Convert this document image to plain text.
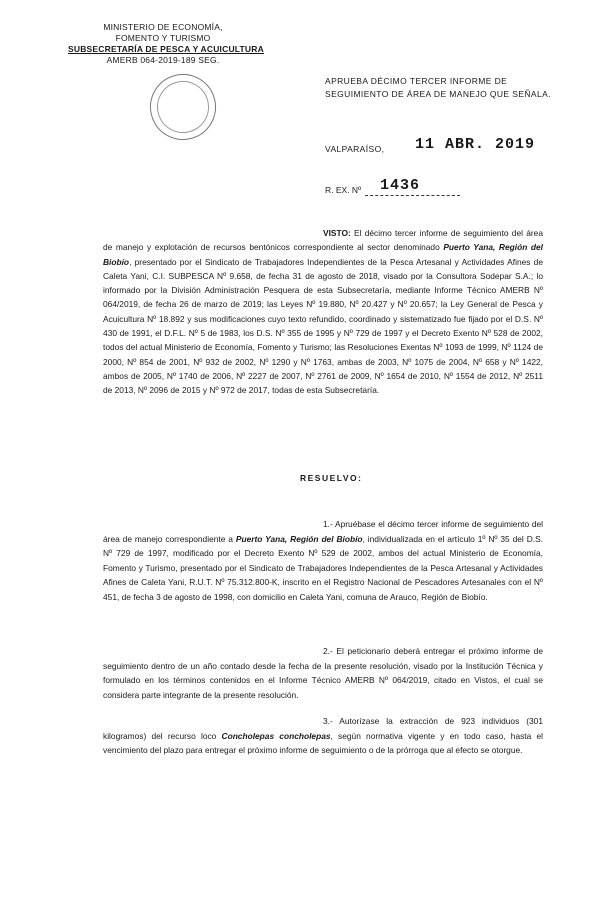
MINISTERIO DE ECONOMÍA,
FOMENTO Y TURISMO
SUBSECRETARÍA DE PESCA Y ACUICULTURA
AMERB 064-2019-189 SEG.
APRUEBA DÉCIMO TERCER INFORME DE SEGUIMIENTO DE ÁREA DE MANEJO QUE SEÑALA.
VALPARAÍSO, 11 ABR. 2019
R. EX. Nº 1436
VISTO: El décimo tercer informe de seguimiento del área de manejo y explotación de recursos bentónicos correspondiente al sector denominado Puerto Yana, Región del Biobío, presentado por el Sindicato de Trabajadores Independientes de la Pesca Artesanal y Actividades Afines de Caleta Yani, C.I. SUBPESCA Nº 9.658, de fecha 31 de agosto de 2018, visado por la Consultora Sodepar S.A.; lo informado por la División Administración Pesquera de esta Subsecretaría, mediante Informe Técnico AMERB Nº 064/2019, de fecha 26 de marzo de 2019; las Leyes Nº 19.880, Nº 20.427 y Nº 20.657; la Ley General de Pesca y Acuicultura Nº 18.892 y sus modificaciones cuyo texto refundido, coordinado y sistematizado fue fijado por el D.S. Nº 430 de 1991, el D.F.L. Nº 5 de 1983, los D.S. Nº 355 de 1995 y Nº 729 de 1997 y el Decreto Exento Nº 528 de 2002, todos del actual Ministerio de Economía, Fomento y Turismo; las Resoluciones Exentas Nº 1093 de 1999, Nº 1124 de 2000, Nº 854 de 2001, Nº 932 de 2002, Nº 1290 y Nº 1763, ambas de 2003, Nº 1075 de 2004, Nº 658 y Nº 1422, ambos de 2005, Nº 1740 de 2006, Nº 2227 de 2007, Nº 2761 de 2009, Nº 1654 de 2010, Nº 1554 de 2012, Nº 2511 de 2013, Nº 2096 de 2015 y Nº 972 de 2017, todas de esta Subsecretaría.
RESUELVO:
1.- Apruébase el décimo tercer informe de seguimiento del área de manejo correspondiente a Puerto Yana, Región del Biobío, individualizada en el artículo 1º Nº 35 del D.S. Nº 729 de 1997, modificado por el Decreto Exento Nº 529 de 2002, ambos del actual Ministerio de Economía, Fomento y Turismo, presentado por el Sindicato de Trabajadores Independientes de la Pesca Artesanal y Actividades Afines de Caleta Yani, R.U.T. Nº 75.312.800-K, inscrito en el Registro Nacional de Pescadores Artesanales con el Nº 451, de fecha 3 de agosto de 1998, con domicilio en Caleta Yani, comuna de Arauco, Región de Biobío.
2.- El peticionario deberá entregar el próximo informe de seguimiento dentro de un año contado desde la fecha de la presente resolución, visado por la Institución Técnica y formulado en los términos contenidos en el Informe Técnico AMERB Nº 064/2019, citado en Vistos, el cual se considera parte integrante de la presente resolución.
3.- Autorízase la extracción de 923 individuos (301 kilogramos) del recurso loco Concholepas concholepas, según normativa vigente y en todo caso, hasta el vencimiento del plazo para entregar el próximo informe de seguimiento o de la prórroga que al efecto se otorgue.
